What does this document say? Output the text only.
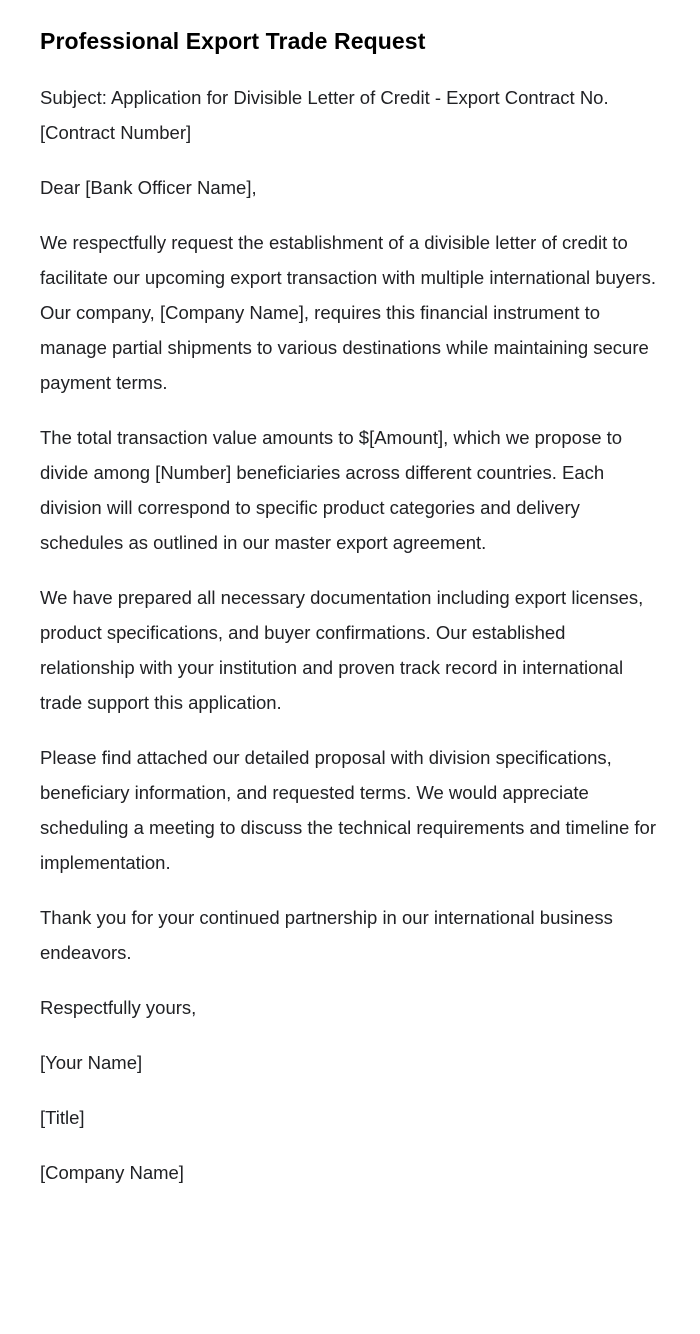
Professional Export Trade Request

Subject: Application for Divisible Letter of Credit - Export Contract No. [Contract Number]

Dear [Bank Officer Name],

We respectfully request the establishment of a divisible letter of credit to facilitate our upcoming export transaction with multiple international buyers. Our company, [Company Name], requires this financial instrument to manage partial shipments to various destinations while maintaining secure payment terms.

The total transaction value amounts to $[Amount], which we propose to divide among [Number] beneficiaries across different countries. Each division will correspond to specific product categories and delivery schedules as outlined in our master export agreement.

We have prepared all necessary documentation including export licenses, product specifications, and buyer confirmations. Our established relationship with your institution and proven track record in international trade support this application.

Please find attached our detailed proposal with division specifications, beneficiary information, and requested terms. We would appreciate scheduling a meeting to discuss the technical requirements and timeline for implementation.

Thank you for your continued partnership in our international business endeavors.

Respectfully yours,

[Your Name]

[Title]

[Company Name]
